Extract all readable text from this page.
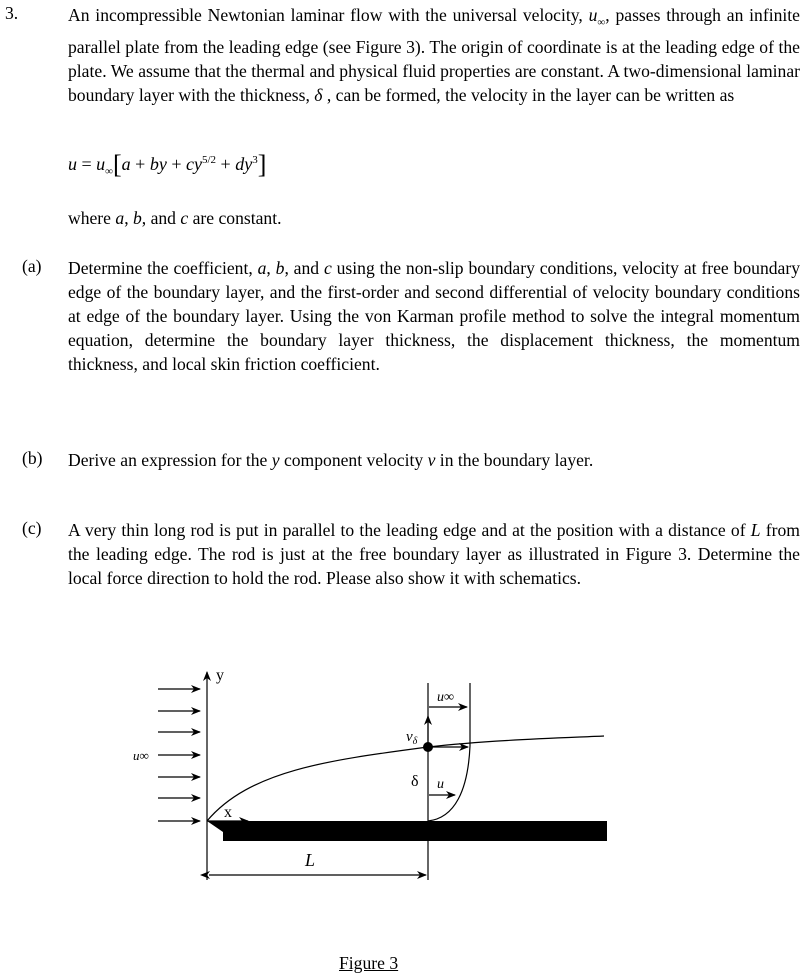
3.	An incompressible Newtonian laminar flow with the universal velocity, $u_\infty$, passes through an infinite parallel plate from the leading edge (see Figure 3). The origin of coordinate is at the leading edge of the plate. We assume that the thermal and physical fluid properties are constant. A two-dimensional laminar boundary layer with the thickness, δ , can be formed, the velocity in the layer can be written as
$u = u_\infty[a$ + by + $cy^{5/2} + dy^3$]
where a, b, and c are constant.
(a) Determine the coefficient, a, b, and c using the non-slip boundary conditions, velocity at free boundary edge of the boundary layer, and the first-order and second differential of velocity boundary conditions at edge of the boundary layer. Using the von Karman profile method to solve the integral momentum equation, determine the boundary layer thickness, the displacement thickness, the momentum thickness, and local skin friction coefficient.
(b) Derive an expression for the y component velocity v in the boundary layer.
(c) A very thin long rod is put in parallel to the leading edge and at the position with a distance of L from the leading edge. The rod is just at the free boundary layer as illustrated in Figure 3. Determine the local force direction to hold the rod. Please also show it with schematics.
y
x
u∞
u∞
$v_\delta$
δ u
L
Figure 3
